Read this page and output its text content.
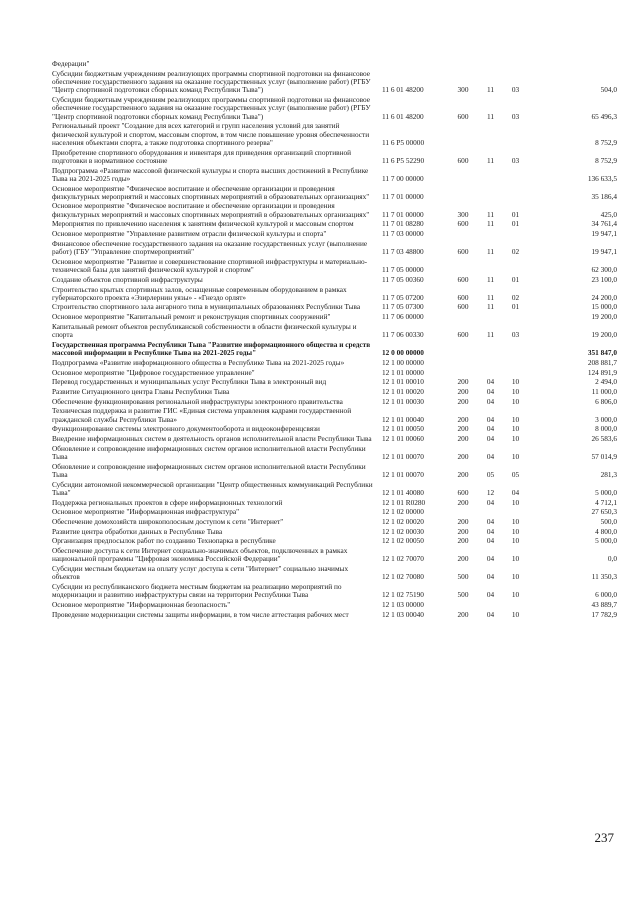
Федерации"
Субсидии бюджетным учреждениям реализующих программы спортивной подготовки на финансовое обеспечение государственного задания на оказание государственных услуг (выполнение работ) (РГБУ "Центр спортивной подготовки сборных команд Республики Тыва")	11 6 01 48200	300	11	03	504,0
Субсидии бюджетным учреждениям реализующих программы спортивной подготовки на финансовое обеспечение государственного задания на оказание государственных услуг (выполнение работ) (РГБУ "Центр спортивной подготовки сборных команд Республики Тыва")	11 6 01 48200	600	11	03	65 496,3
Региональный проект "Создание для всех категорий и групп населения условий для занятий физической культурой и спортом, массовым спортом, в том числе повышение уровня обеспеченности населения объектами спорта, а также подготовка спортивного резерва"	11 6 P5 00000	8 752,9
Приобретение спортивного оборудования и инвентаря для приведения организаций спортивной подготовки в нормативное состояние	11 6 P5 52290	600	11	03	8 752,9
Подпрограмма «Развитие массовой физической культуры и спорта высших достижений в Республике Тыва на 2021-2025 годы»	11 7 00 00000	136 633,5
Основное мероприятие "Физическое воспитание и обеспечение организации и проведения физкультурных мероприятий и массовых спортивных мероприятий в образовательных организациях"	11 7 01 00000	35 186,4
Основное мероприятие "Физическое воспитание и обеспечение организации и проведения физкультурных мероприятий и массовых спортивных мероприятий в образовательных организациях"	11 7 01 00000	300	11	01	425,0
Мероприятия по привлечению населения к занятиям физической культурой и массовым спортом	11 7 01 08280	600	11	01	34 761,4
Основное мероприятие "Управление развитием отрасли физической культуры и спорта"	11 7 03 00000	19 947,1
Финансовое обеспечение государственного задания на оказание государственных услуг (выполнение работ) (ГБУ "Управление спортмероприятий"	11 7 03 48800	600	11	02	19 947,1
Основное мероприятие "Развитие и совершенствование спортивной инфраструктуры и материально-технической базы для занятий физической культурой и спортом"	11 7 05 00000	62 300,0
Создание объектов спортивной инфраструктуры	11 7 05 00360	600	11	01	23 100,0
Строительство крытых спортивных залов, оснащенные современным оборудованием в рамках губернаторского проекта «Эзирлернин уязы» - «Гнездо орлят»	11 7 05 07200	600	11	02	24 200,0
Строительство спортивного зала ангарного типа в муниципальных образованиях Республики Тыва	11 7 05 07300	600	11	01	15 000,0
Основное мероприятие "Капитальный ремонт и реконструкция спортивных сооружений"	11 7 06 00000	19 200,0
Капитальный ремонт объектов республиканской собственности в области физической культуры и спорта	11 7 06 00330	600	11	03	19 200,0
Государственная программа Республики Тыва "Развитие информационного общества и средств массовой информации в Республике Тыва на 2021-2025 годы"	12 0 00 00000	351 847,0
Подпрограмма «Развитие информационного общества в Республике Тыва на 2021-2025 годы»	12 1 00 00000	208 881,7
Основное мероприятие "Цифровое государственное управление"	12 1 01 00000	124 891,9
Перевод государственных и муниципальных услуг Республики Тыва в электронный вид	12 1 01 00010	200	04	10	2 494,0
Развитие Ситуационного центра Главы Республики Тыва	12 1 01 00020	200	04	10	11 000,0
Обеспечение функционирования региональной инфраструктуры электронного правительства	12 1 01 00030	200	04	10	6 806,0
Техническая поддержка и развитие ГИС «Единая система управления кадрами государственной гражданской службы Республики Тыва»	12 1 01 00040	200	04	10	3 000,0
Функционирование системы электронного документооборота и видеоконференцсвязи	12 1 01 00050	200	04	10	8 000,0
Внедрение информационных систем в деятельность органов исполнительной власти Республики Тыва	12 1 01 00060	200	04	10	26 583,6
Обновление и сопровождение информационных систем органов исполнительной власти Республики Тыва	12 1 01 00070	200	04	10	57 014,9
Обновление и сопровождение информационных систем органов исполнительной власти Республики Тыва	12 1 01 00070	200	05	05	281,3
Субсидии автономной некоммерческой организации "Центр общественных коммуникаций Республики Тыва"	12 1 01 40080	600	12	04	5 000,0
Поддержка региональных проектов в сфере информационных технологий	12 1 01 R0280	200	04	10	4 712,1
Основное мероприятие "Информационная инфраструктура"	12 1 02 00000	27 650,3
Обеспечение домохозяйств широкополосным доступом к сети "Интернет"	12 1 02 00020	200	04	10	500,0
Развитие центра обработки данных в Республике Тыва	12 1 02 00030	200	04	10	4 800,0
Организация предпосылок работ по созданию Технопарка в республике	12 1 02 00050	200	04	10	5 000,0
Обеспечение доступа к сети Интернет социально-значимых объектов, подключенных в рамках национальной программы "Цифровая экономика Российской Федерации"	12 1 02 70070	200	04	10	0,0
Субсидии местным бюджетам на оплату услуг доступа к сети "Интернет" социально значимых объектов	12 1 02 70080	500	04	10	11 350,3
Субсидии из республиканского бюджета местным бюджетам на реализацию мероприятий по модернизации и развитию инфраструктуры связи на территории Республики Тыва	12 1 02 75190	500	04	10	6 000,0
Основное мероприятие "Информационная безопасность"	12 1 03 00000	43 889,7
Проведение модернизации системы защиты информации, в том числе аттестация рабочих мест	12 1 03 00040	200	04	10	17 782,9
237
